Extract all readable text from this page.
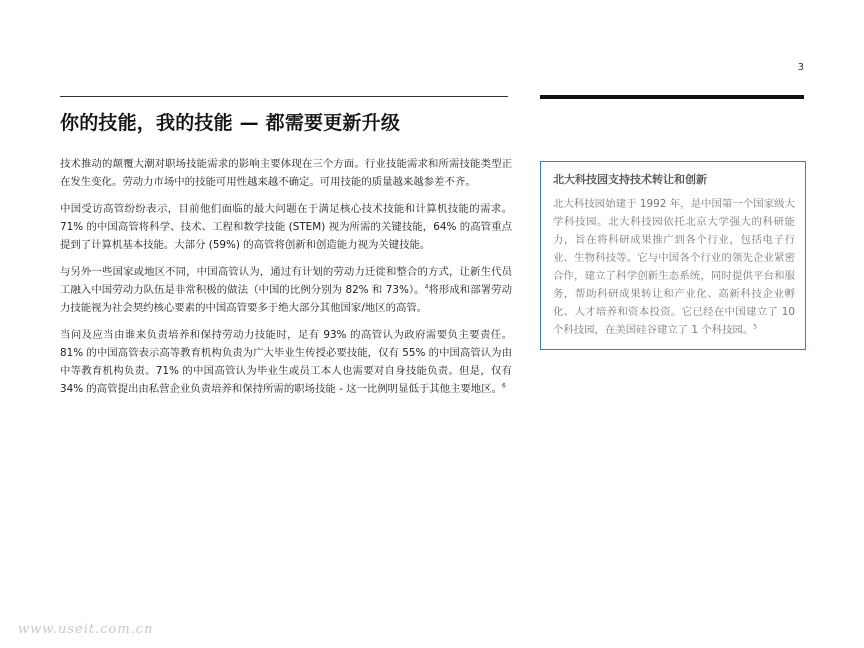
3
你的技能，我的技能 — 都需要更新升级

技术推动的颠覆大潮对职场技能需求的影响主要体现在三个方面。行业技能需求和所需技能类型正在发生变化。劳动力市场中的技能可用性越来越不确定。可用技能的质量越来越参差不齐。

中国受访高管纷纷表示，目前他们面临的最大问题在于满足核心技术技能和计算机技能的需求。71% 的中国高管将科学、技术、工程和数学技能 (STEM) 视为所需的关键技能，64% 的高管重点提到了计算机基本技能。大部分 (59%) 的高管将创新和创造能力视为关键技能。

与另外一些国家或地区不同，中国高管认为，通过有计划的劳动力迁徙和整合的方式，让新生代员工融入中国劳动力队伍是非常积极的做法（中国的比例分别为 82% 和 73%）。$^4$将形成和部署劳动力技能视为社会契约核心要素的中国高管要多于绝大部分其他国家/地区的高管。

当问及应当由谁来负责培养和保持劳动力技能时，足有 93% 的高管认为政府需要负主要责任。81% 的中国高管表示高等教育机构负责为广大毕业生传授必要技能，仅有 55% 的中国高管认为由中等教育机构负责。71% 的中国高管认为毕业生或员工本人也需要对自身技能负责。但是，仅有 34% 的高管提出由私营企业负责培养和保持所需的职场技能 - 这一比例明显低于其他主要地区。$^6$

北大科技园支持技术转让和创新

北大科技园始建于 1992 年，是中国第一个国家级大学科技园。北大科技园依托北京大学强大的科研能力，旨在将科研成果推广到各个行业，包括电子行业、生物科技等。它与中国各个行业的领先企业紧密合作，建立了科学创新生态系统，同时提供平台和服务，帮助科研成果转让和产业化、高新科技企业孵化、人才培养和资本投资。它已经在中国建立了 10 个科技园，在美国硅谷建立了 1 个科技园。$^5$

www.useit.com.cn
